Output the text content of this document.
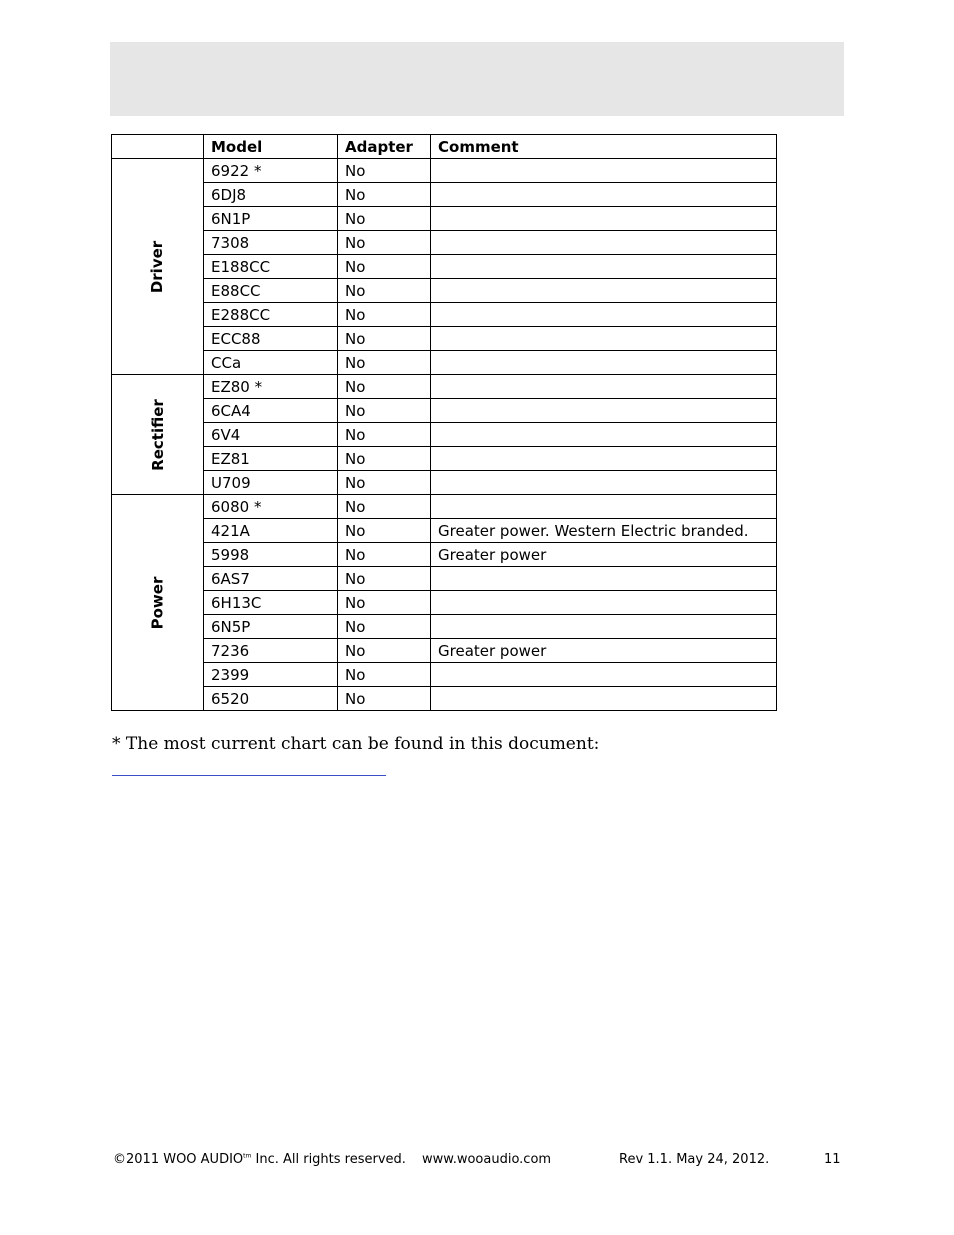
	Model	Adapter	Comment
Driver	6922 *	No	
	6DJ8	No	
	6N1P	No	
	7308	No	
	E188CC	No	
	E88CC	No	
	E288CC	No	
	ECC88	No	
	CCa	No	
Rectifier	EZ80 *	No	
	6CA4	No	
	6V4	No	
	EZ81	No	
	U709	No	
Power	6080 *	No	
	421A	No	Greater power. Western Electric branded.
	5998	No	Greater power
	6AS7	No	
	6H13C	No	
	6N5P	No	
	7236	No	Greater power
	2399	No	
	6520	No	
* The most current chart can be found in this document:
©2011 WOO $AUDIO^{tm}$ Inc. All rights reserved. www.wooaudio.com	Rev 1.1. May 24, 2012.	11
